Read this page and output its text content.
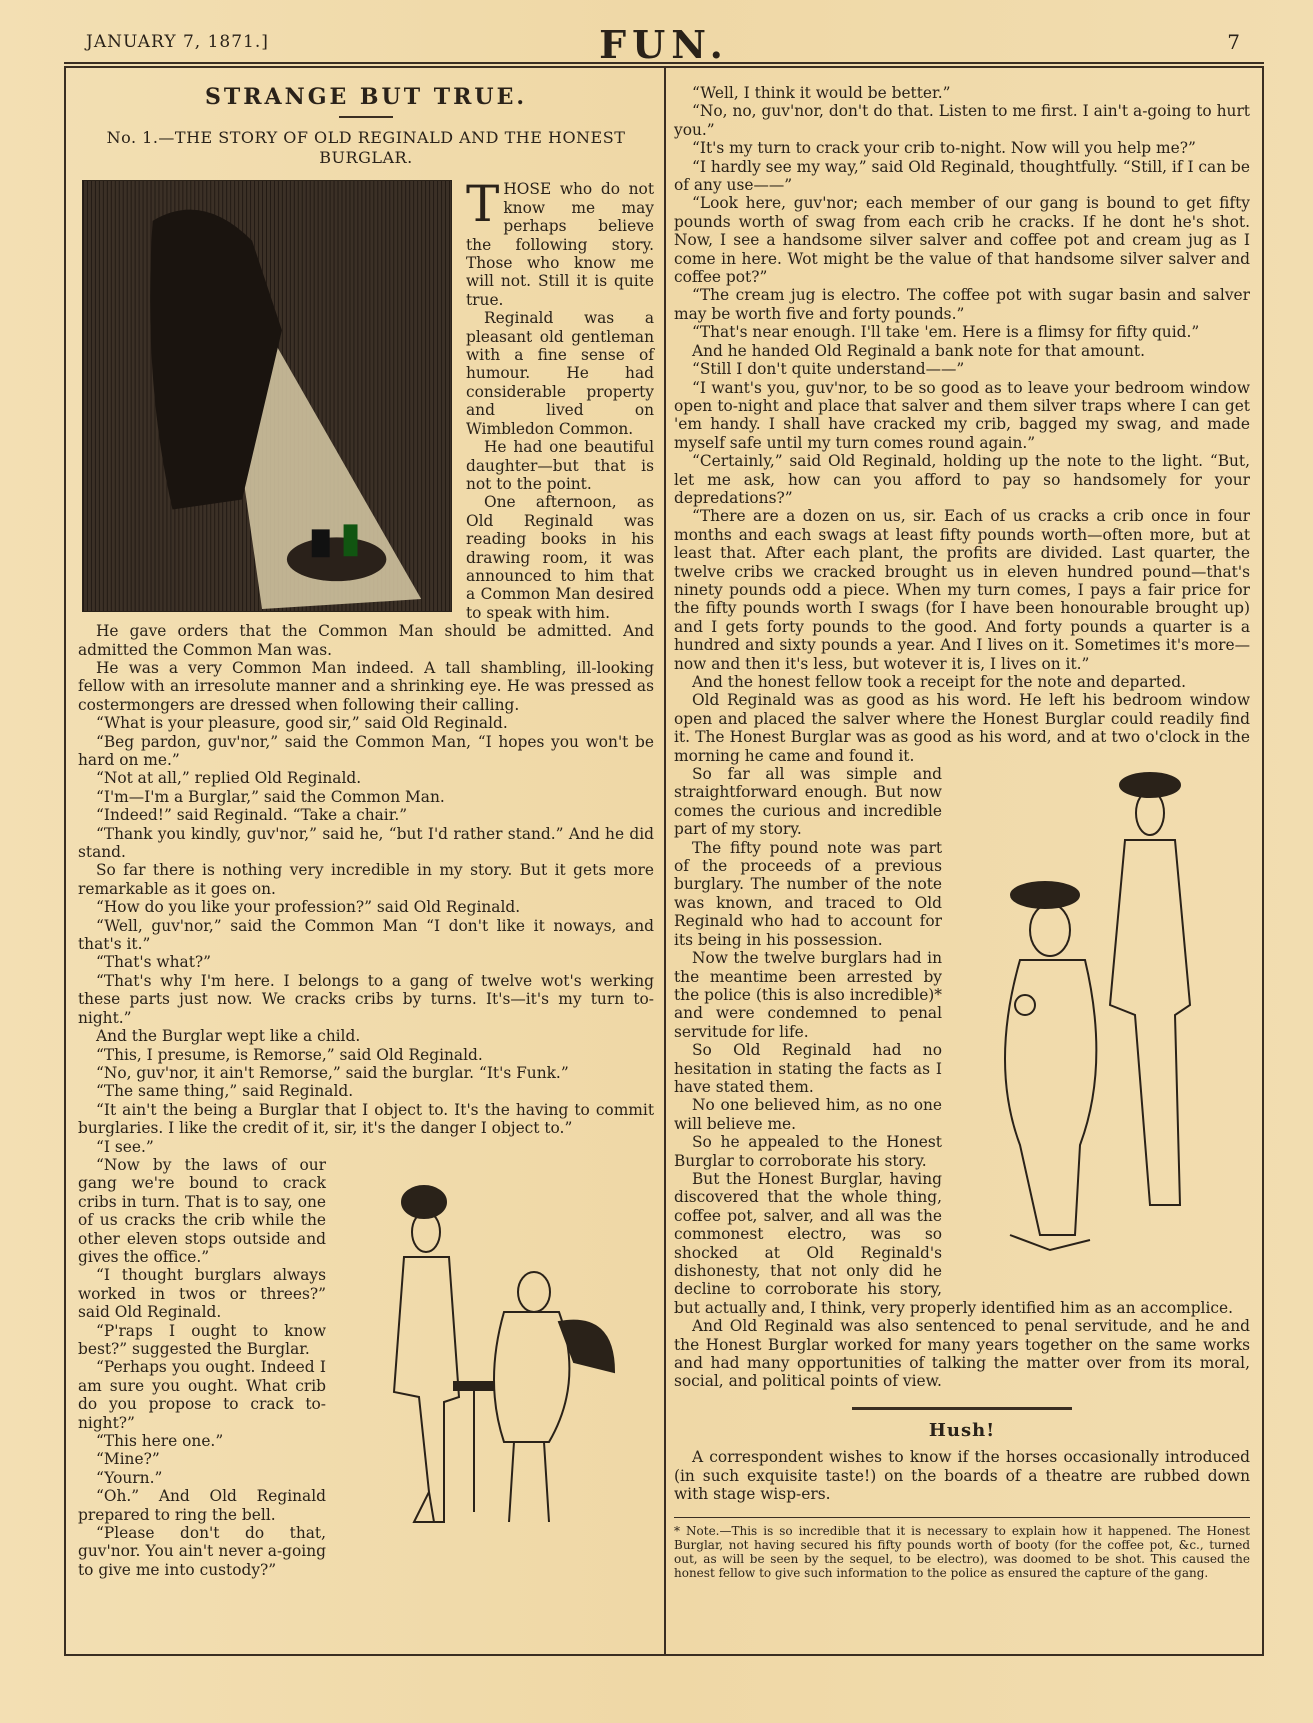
JANUARY 7, 1871.]	FUN.	7
STRANGE BUT TRUE.
No. 1.—THE STORY OF OLD REGINALD AND THE HONEST BURGLAR.

THOSE who do not know me may perhaps believe the following story. Those who know me will not. Still it is quite true.

Reginald was a pleasant old gentleman with a fine sense of humour. He had considerable property and lived on Wimbledon Common.

He had one beautiful daughter—but that is not to the point.

One afternoon, as Old Reginald was reading books in his drawing room, it was announced to him that a Common Man desired to speak with him.

He gave orders that the Common Man should be admitted. And admitted the Common Man was.

He was a very Common Man indeed. A tall shambling, ill-looking fellow with an irresolute manner and a shrinking eye. He was pressed as costermongers are dressed when following their calling.

“What is your pleasure, good sir,” said Old Reginald.

“Beg pardon, guv'nor,” said the Common Man, “I hopes you won't be hard on me.”

“Not at all,” replied Old Reginald.

“I'm—I'm a Burglar,” said the Common Man.

“Indeed!” said Reginald. “Take a chair.”

“Thank you kindly, guv'nor,” said he, “but I'd rather stand.” And he did stand.

So far there is nothing very incredible in my story. But it gets more remarkable as it goes on.

“How do you like your profession?” said Old Reginald.

“Well, guv'nor,” said the Common Man “I don't like it noways, and that's it.”

“That's what?”

“That's why I'm here. I belongs to a gang of twelve wot's werking these parts just now. We cracks cribs by turns. It's—it's my turn to-night.”

And the Burglar wept like a child.

“This, I presume, is Remorse,” said Old Reginald.

“No, guv'nor, it ain't Remorse,” said the burglar. “It's Funk.”

“The same thing,” said Reginald.

“It ain't the being a Burglar that I object to. It's the having to commit burglaries. I like the credit of it, sir, it's the danger I object to.”

“I see.”

“Now by the laws of our gang we're bound to crack cribs in turn. That is to say, one of us cracks the crib while the other eleven stops outside and gives the office.”

“I thought burglars always worked in twos or threes?” said Old Reginald.

“P'raps I ought to know best?” suggested the Burglar.

“Perhaps you ought. Indeed I am sure you ought. What crib do you propose to crack to-night?”

“This here one.”

“Mine?”

“Yourn.”

“Oh.” And Old Reginald prepared to ring the bell.

“Please don't do that, guv'nor. You ain't never a-going to give me into custody?”

“Well, I think it would be better.”

“No, no, guv'nor, don't do that. Listen to me first. I ain't a-going to hurt you.”

“It's my turn to crack your crib to-night. Now will you help me?”

“I hardly see my way,” said Old Reginald, thoughtfully. “Still, if I can be of any use——”

“Look here, guv'nor; each member of our gang is bound to get fifty pounds worth of swag from each crib he cracks. If he dont he's shot. Now, I see a handsome silver salver and coffee pot and cream jug as I come in here. Wot might be the value of that handsome silver salver and coffee pot?”

“The cream jug is electro. The coffee pot with sugar basin and salver may be worth five and forty pounds.”

“That's near enough. I'll take 'em. Here is a flimsy for fifty quid.”

And he handed Old Reginald a bank note for that amount.

“Still I don't quite understand——”

“I want's you, guv'nor, to be so good as to leave your bedroom window open to-night and place that salver and them silver traps where I can get 'em handy. I shall have cracked my crib, bagged my swag, and made myself safe until my turn comes round again.”

“Certainly,” said Old Reginald, holding up the note to the light. “But, let me ask, how can you afford to pay so handsomely for your depredations?”

“There are a dozen on us, sir. Each of us cracks a crib once in four months and each swags at least fifty pounds worth—often more, but at least that. After each plant, the profits are divided. Last quarter, the twelve cribs we cracked brought us in eleven hundred pound—that's ninety pounds odd a piece. When my turn comes, I pays a fair price for the fifty pounds worth I swags (for I have been honourable brought up) and I gets forty pounds to the good. And forty pounds a quarter is a hundred and sixty pounds a year. And I lives on it. Sometimes it's more—now and then it's less, but wotever it is, I lives on it.”

And the honest fellow took a receipt for the note and departed.

Old Reginald was as good as his word. He left his bedroom window open and placed the salver where the Honest Burglar could readily find it. The Honest Burglar was as good as his word, and at two o'clock in the morning he came and found it.

So far all was simple and straightforward enough. But now comes the curious and incredible part of my story.

The fifty pound note was part of the proceeds of a previous burglary. The number of the note was known, and traced to Old Reginald who had to account for its being in his possession.

Now the twelve burglars had in the meantime been arrested by the police (this is also incredible)* and were condemned to penal servitude for life.

So Old Reginald had no hesitation in stating the facts as I have stated them.

No one believed him, as no one will believe me.

So he appealed to the Honest Burglar to corroborate his story.

But the Honest Burglar, having discovered that the whole thing, coffee pot, salver, and all was the commonest electro, was so shocked at Old Reginald's dishonesty, that not only did he decline to corroborate his story, but actually and, I think, very properly identified him as an accomplice.

And Old Reginald was also sentenced to penal servitude, and he and the Honest Burglar worked for many years together on the same works and had many opportunities of talking the matter over from its moral, social, and political points of view.

Hush!

A correspondent wishes to know if the horses occasionally introduced (in such exquisite taste!) on the boards of a theatre are rubbed down with stage wisp-ers.

* Note.—This is so incredible that it is necessary to explain how it happened. The Honest Burglar, not having secured his fifty pounds worth of booty (for the coffee pot, &c., turned out, as will be seen by the sequel, to be electro), was doomed to be shot. This caused the honest fellow to give such information to the police as ensured the capture of the gang.
